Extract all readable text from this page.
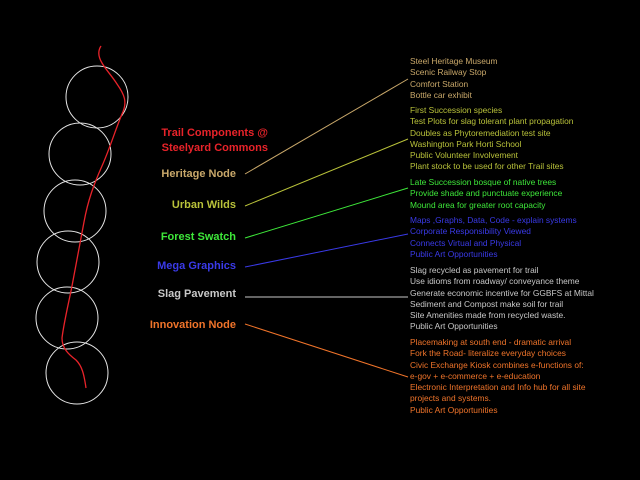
Trail Components @
Steelyard Commons
Heritage Node
Urban Wilds
Forest Swatch
Mega Graphics
Slag Pavement
Innovation Node
Steel Heritage Museum
Scenic Railway Stop
Comfort Station
Bottle car exhibit
First Succession species
Test Plots for slag tolerant plant propagation
Doubles as Phytoremediation test site
Washington Park Horti School
Public Volunteer Involvement
Plant stock to be used for other Trail sites
Late Succession bosque of native trees
Provide shade and punctuate experience
Mound area for greater root capacity
Maps ,Graphs, Data, Code - explain systems
Corporate Responsibility Viewed
Connects Virtual and Physical
Public Art Opportunities
Slag recycled as pavement for trail
Use idioms from roadway/ conveyance theme
Generate economic incentive for GGBFS at Mittal
Sediment and Compost make soil for trail
Site Amenities made from recycled waste.
Public Art Opportunities
Placemaking at south end - dramatic arrival
Fork the Road- literalize everyday choices
Civic Exchange Kiosk combines e-functions of:
e-gov + e-commerce + e-education
Electronic Interpretation and Info hub for all site
projects and systems.
Public Art Opportunities
